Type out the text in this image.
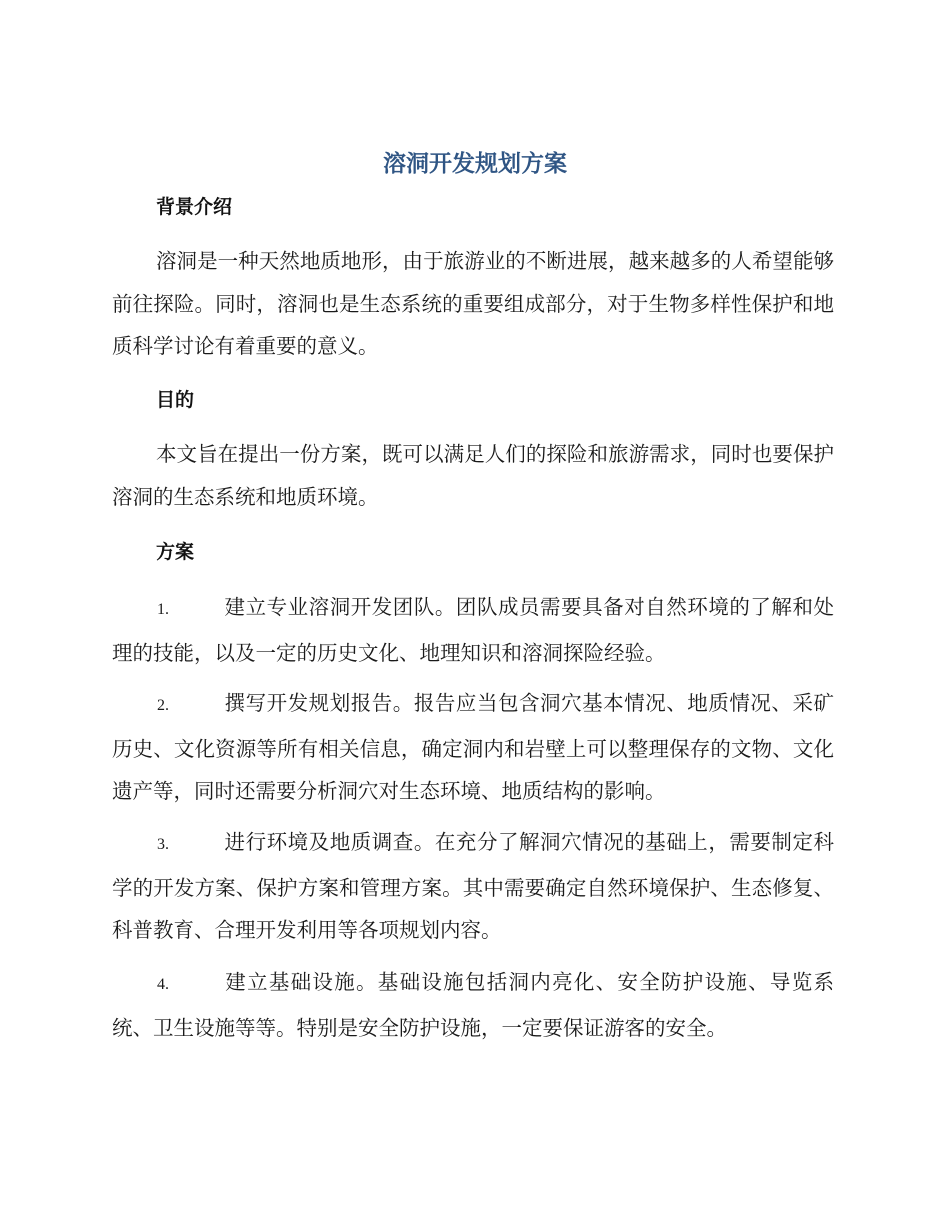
溶洞开发规划方案
背景介绍

溶洞是一种天然地质地形，由于旅游业的不断进展，越来越多的人希望能够前往探险。同时，溶洞也是生态系统的重要组成部分，对于生物多样性保护和地质科学讨论有着重要的意义。

目的

本文旨在提出一份方案，既可以满足人们的探险和旅游需求，同时也要保护溶洞的生态系统和地质环境。

方案

1.	建立专业溶洞开发团队。团队成员需要具备对自然环境的了解和处理的技能，以及一定的历史文化、地理知识和溶洞探险经验。

2.	撰写开发规划报告。报告应当包含洞穴基本情况、地质情况、采矿历史、文化资源等所有相关信息，确定洞内和岩壁上可以整理保存的文物、文化遗产等，同时还需要分析洞穴对生态环境、地质结构的影响。

3.	进行环境及地质调查。在充分了解洞穴情况的基础上，需要制定科学的开发方案、保护方案和管理方案。其中需要确定自然环境保护、生态修复、科普教育、合理开发利用等各项规划内容。

4.	建立基础设施。基础设施包括洞内亮化、安全防护设施、导览系统、卫生设施等等。特别是安全防护设施，一定要保证游客的安全。
